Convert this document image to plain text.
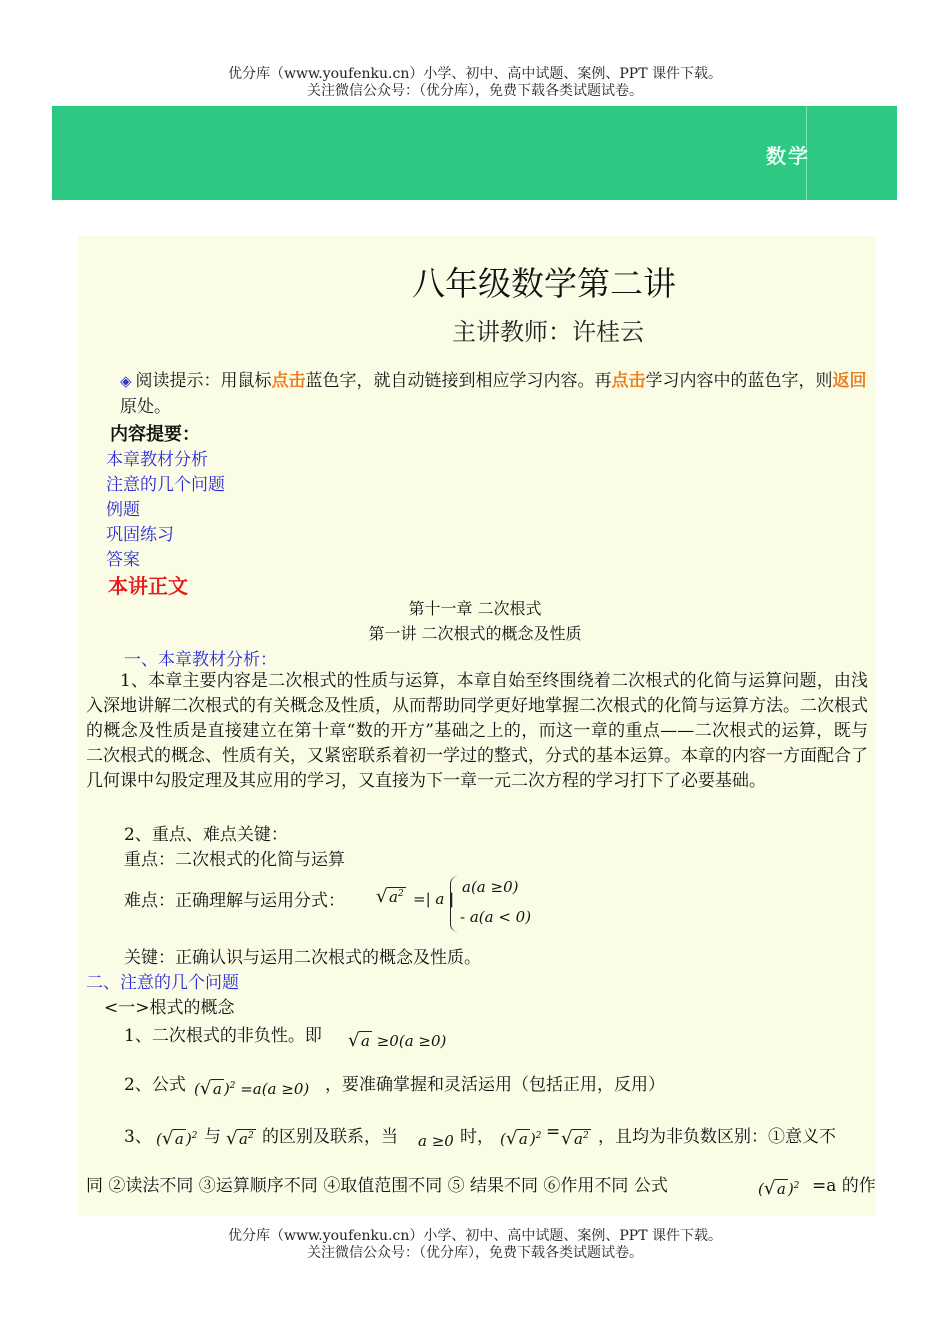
优分库（www.youfenku.cn）小学、初中、高中试题、案例、PPT 课件下载。
关注微信公众号：（优分库），免费下载各类试题试卷。
数学
八年级数学第二讲
主讲教师：许桂云
◈ 阅读提示：用鼠标点击蓝色字，就自动链接到相应学习内容。再点击学习内容中的蓝色字，则返回原处。
内容提要：
本章教材分析
注意的几个问题
例题
巩固练习
答案
本讲正文
第十一章 二次根式
第一讲 二次根式的概念及性质
一、本章教材分析：
1、本章主要内容是二次根式的性质与运算，本章自始至终围绕着二次根式的化简与运算问题，由浅入深地讲解二次根式的有关概念及性质，从而帮助同学更好地掌握二次根式的化简与运算方法。二次根式的概念及性质是直接建立在第十章“数的开方”基础之上的，而这一章的重点——二次根式的运算，既与二次根式的概念、性质有关，又紧密联系着初一学过的整式，分式的基本运算。本章的内容一方面配合了几何课中勾股定理及其应用的学习，又直接为下一章一元二次方程的学习打下了必要基础。
2、重点、难点关键：
重点：二次根式的化简与运算
难点：正确理解与运用分式：	√ $a^2$ =| a |
a(a ≥0)
- a(a < 0)
关键：正确认识与运用二次根式的概念及性质。
二、注意的几个问题
<一>根式的概念
1、二次根式的非负性。即	√ a ≥0(a ≥0)
2、公式 ( √ a )$^2$ =a(a ≥0) ，要准确掌握和灵活运用（包括正用，反用）
3、 ( √ a )$^2$ 与	√ $a^2$ 的区别及联系，当 a ≥0 时， ( √ a )$^2$ = √ $a^2$ ，且均为非负数区别：①意义不
同 ②读法不同 ③运算顺序不同 ④取值范围不同 ⑤ 结果不同 ⑥作用不同 公式	( √ a )$^2$ =a 的作
优分库（www.youfenku.cn）小学、初中、高中试题、案例、PPT 课件下载。
关注微信公众号：（优分库），免费下载各类试题试卷。
